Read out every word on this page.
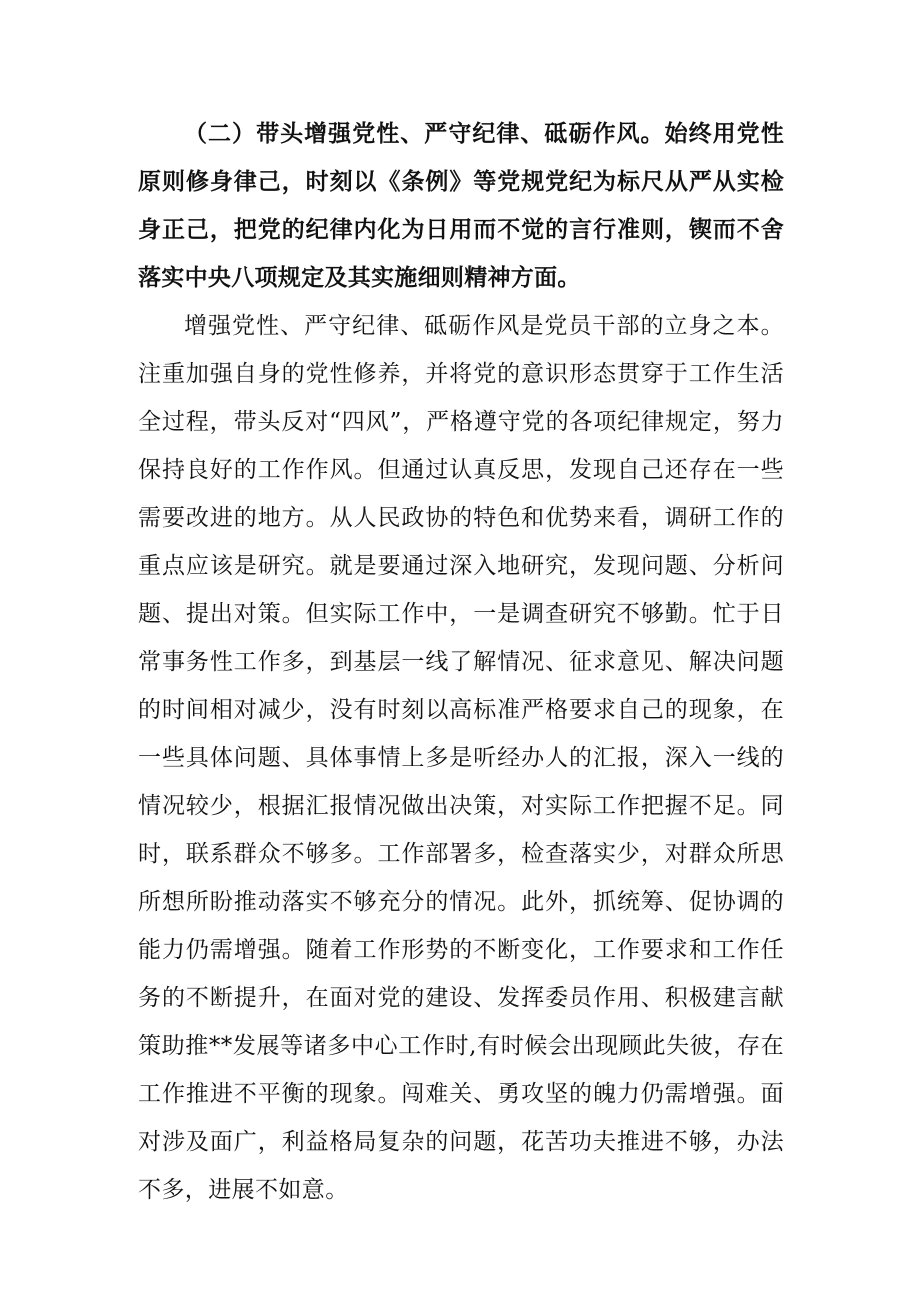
（二）带头增强党性、严守纪律、砥砺作风。始终用党性原则修身律己，时刻以《条例》等党规党纪为标尺从严从实检身正己，把党的纪律内化为日用而不觉的言行准则，锲而不舍落实中央八项规定及其实施细则精神方面。

增强党性、严守纪律、砥砺作风是党员干部的立身之本。注重加强自身的党性修养，并将党的意识形态贯穿于工作生活全过程，带头反对“四风”，严格遵守党的各项纪律规定，努力保持良好的工作作风。但通过认真反思，发现自己还存在一些需要改进的地方。从人民政协的特色和优势来看，调研工作的重点应该是研究。就是要通过深入地研究，发现问题、分析问题、提出对策。但实际工作中，一是调查研究不够勤。忙于日常事务性工作多，到基层一线了解情况、征求意见、解决问题的时间相对减少，没有时刻以高标准严格要求自己的现象，在一些具体问题、具体事情上多是听经办人的汇报，深入一线的情况较少，根据汇报情况做出决策，对实际工作把握不足。同时，联系群众不够多。工作部署多，检查落实少，对群众所思所想所盼推动落实不够充分的情况。此外，抓统筹、促协调的能力仍需增强。随着工作形势的不断变化，工作要求和工作任务的不断提升，在面对党的建设、发挥委员作用、积极建言献策助推**发展等诸多中心工作时,有时候会出现顾此失彼，存在工作推进不平衡的现象。闯难关、勇攻坚的魄力仍需增强。面对涉及面广，利益格局复杂的问题，花苦功夫推进不够，办法不多，进展不如意。
